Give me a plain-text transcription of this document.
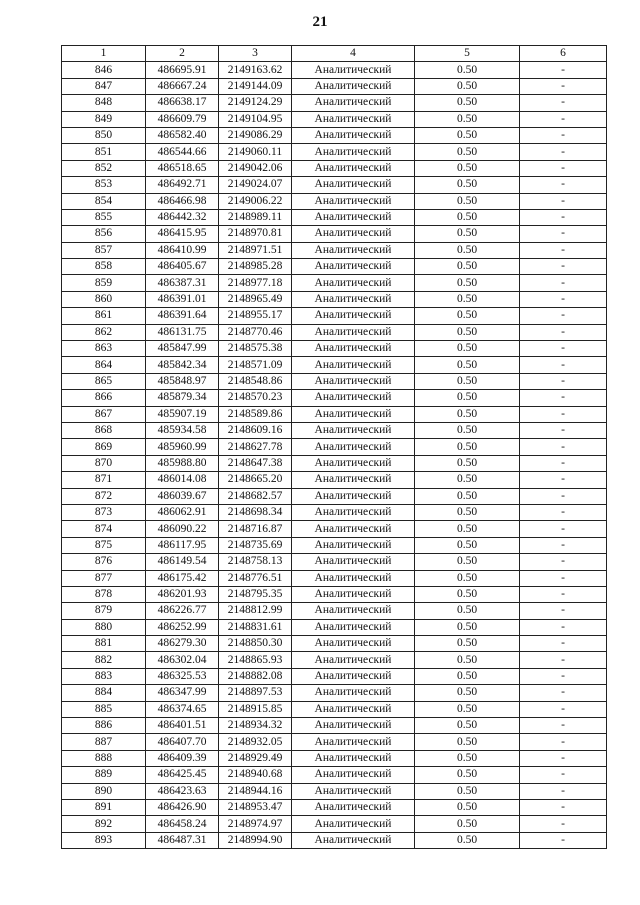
21
1	2	3	4	5	6
846	486695.91	2149163.62	Аналитический	0.50	-
847	486667.24	2149144.09	Аналитический	0.50	-
848	486638.17	2149124.29	Аналитический	0.50	-
849	486609.79	2149104.95	Аналитический	0.50	-
850	486582.40	2149086.29	Аналитический	0.50	-
851	486544.66	2149060.11	Аналитический	0.50	-
852	486518.65	2149042.06	Аналитический	0.50	-
853	486492.71	2149024.07	Аналитический	0.50	-
854	486466.98	2149006.22	Аналитический	0.50	-
855	486442.32	2148989.11	Аналитический	0.50	-
856	486415.95	2148970.81	Аналитический	0.50	-
857	486410.99	2148971.51	Аналитический	0.50	-
858	486405.67	2148985.28	Аналитический	0.50	-
859	486387.31	2148977.18	Аналитический	0.50	-
860	486391.01	2148965.49	Аналитический	0.50	-
861	486391.64	2148955.17	Аналитический	0.50	-
862	486131.75	2148770.46	Аналитический	0.50	-
863	485847.99	2148575.38	Аналитический	0.50	-
864	485842.34	2148571.09	Аналитический	0.50	-
865	485848.97	2148548.86	Аналитический	0.50	-
866	485879.34	2148570.23	Аналитический	0.50	-
867	485907.19	2148589.86	Аналитический	0.50	-
868	485934.58	2148609.16	Аналитический	0.50	-
869	485960.99	2148627.78	Аналитический	0.50	-
870	485988.80	2148647.38	Аналитический	0.50	-
871	486014.08	2148665.20	Аналитический	0.50	-
872	486039.67	2148682.57	Аналитический	0.50	-
873	486062.91	2148698.34	Аналитический	0.50	-
874	486090.22	2148716.87	Аналитический	0.50	-
875	486117.95	2148735.69	Аналитический	0.50	-
876	486149.54	2148758.13	Аналитический	0.50	-
877	486175.42	2148776.51	Аналитический	0.50	-
878	486201.93	2148795.35	Аналитический	0.50	-
879	486226.77	2148812.99	Аналитический	0.50	-
880	486252.99	2148831.61	Аналитический	0.50	-
881	486279.30	2148850.30	Аналитический	0.50	-
882	486302.04	2148865.93	Аналитический	0.50	-
883	486325.53	2148882.08	Аналитический	0.50	-
884	486347.99	2148897.53	Аналитический	0.50	-
885	486374.65	2148915.85	Аналитический	0.50	-
886	486401.51	2148934.32	Аналитический	0.50	-
887	486407.70	2148932.05	Аналитический	0.50	-
888	486409.39	2148929.49	Аналитический	0.50	-
889	486425.45	2148940.68	Аналитический	0.50	-
890	486423.63	2148944.16	Аналитический	0.50	-
891	486426.90	2148953.47	Аналитический	0.50	-
892	486458.24	2148974.97	Аналитический	0.50	-
893	486487.31	2148994.90	Аналитический	0.50	-
